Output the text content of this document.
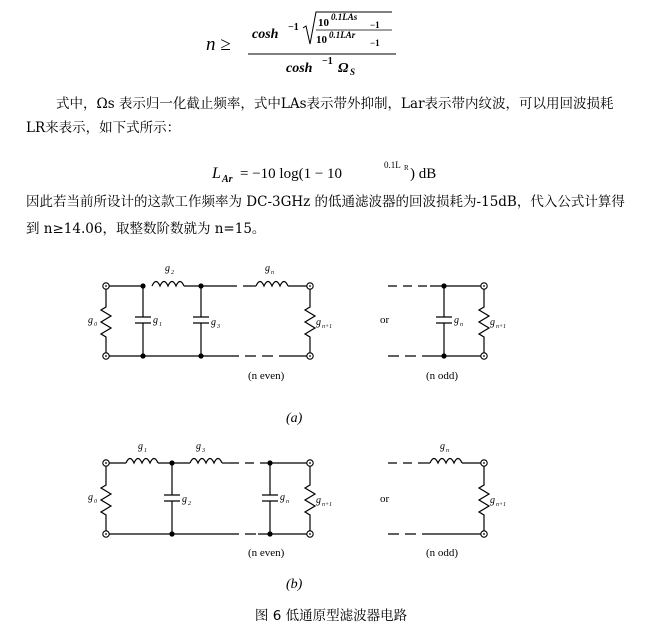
n ≥ cosh −1 10 0.1LAs
−1
10 0.1LAr
−1
cosh −1 Ω S
式中，Ωs 表示归一化截止频率，式中LAs表示带外抑制，Lar表示带内纹波，可以用回波损耗
LR来表示，如下式所示：
L Ar = −10 log(1 − 10
0.1L R ) dB
因此若当前所设计的这款工作频率为 DC-3GHz 的低通滤波器的回波损耗为-15dB，代入公式计算得
到 n≥14.06，取整数阶数就为 n=15。
g 0	g 1
g 2
g 3
g n
g n+1
g n	g n+1
(n even)
or
(n odd)
(a)
g 0
g 1
g 2
g 3
g n	g n+1
g n
g n+1
(n even)
or
(n odd)
(b)
图 6 低通原型滤波器电路
